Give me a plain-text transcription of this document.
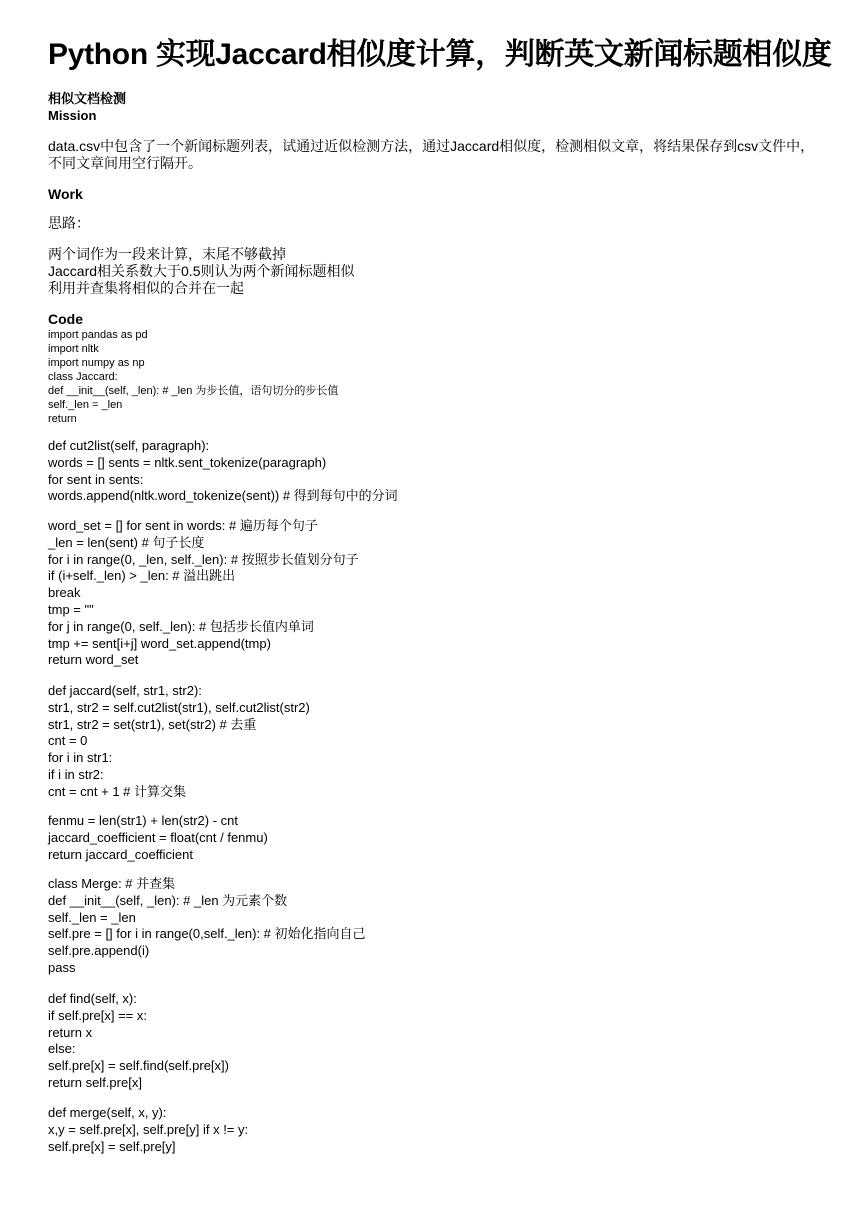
Python 实现Jaccard相似度计算，判断英文新闻标题相似度
相似文档检测
Mission
data.csv中包含了一个新闻标题列表，试通过近似检测方法，通过Jaccard相似度，检测相似文章，将结果保存到csv文件中，
不同文章间用空行隔开。
Work
思路：
两个词作为一段来计算，末尾不够截掉
Jaccard相关系数大于0.5则认为两个新闻标题相似
利用并查集将相似的合并在一起
Code
import pandas as pd
import nltk
import numpy as np
class Jaccard:
def __init__(self, _len): # _len 为步长值，语句切分的步长值
self._len = _len
return
def cut2list(self, paragraph):
words = [] sents = nltk.sent_tokenize(paragraph)
for sent in sents:
words.append(nltk.word_tokenize(sent)) # 得到每句中的分词
word_set = [] for sent in words: # 遍历每个句子
_len = len(sent) # 句子长度
for i in range(0, _len, self._len): # 按照步长值划分句子
if (i+self._len) > _len: # 溢出跳出
break
tmp = ""
for j in range(0, self._len): # 包括步长值内单词
tmp += sent[i+j] word_set.append(tmp)
return word_set
def jaccard(self, str1, str2):
str1, str2 = self.cut2list(str1), self.cut2list(str2)
str1, str2 = set(str1), set(str2) # 去重
cnt = 0
for i in str1:
if i in str2:
cnt = cnt + 1 # 计算交集
fenmu = len(str1) + len(str2) - cnt
jaccard_coefficient = float(cnt / fenmu)
return jaccard_coefficient
class Merge: # 并查集
def __init__(self, _len): # _len 为元素个数
self._len = _len
self.pre = [] for i in range(0,self._len): # 初始化指向自己
self.pre.append(i)
pass
def find(self, x):
if self.pre[x] == x:
return x
else:
self.pre[x] = self.find(self.pre[x])
return self.pre[x]
def merge(self, x, y):
x,y = self.pre[x], self.pre[y] if x != y:
self.pre[x] = self.pre[y]
